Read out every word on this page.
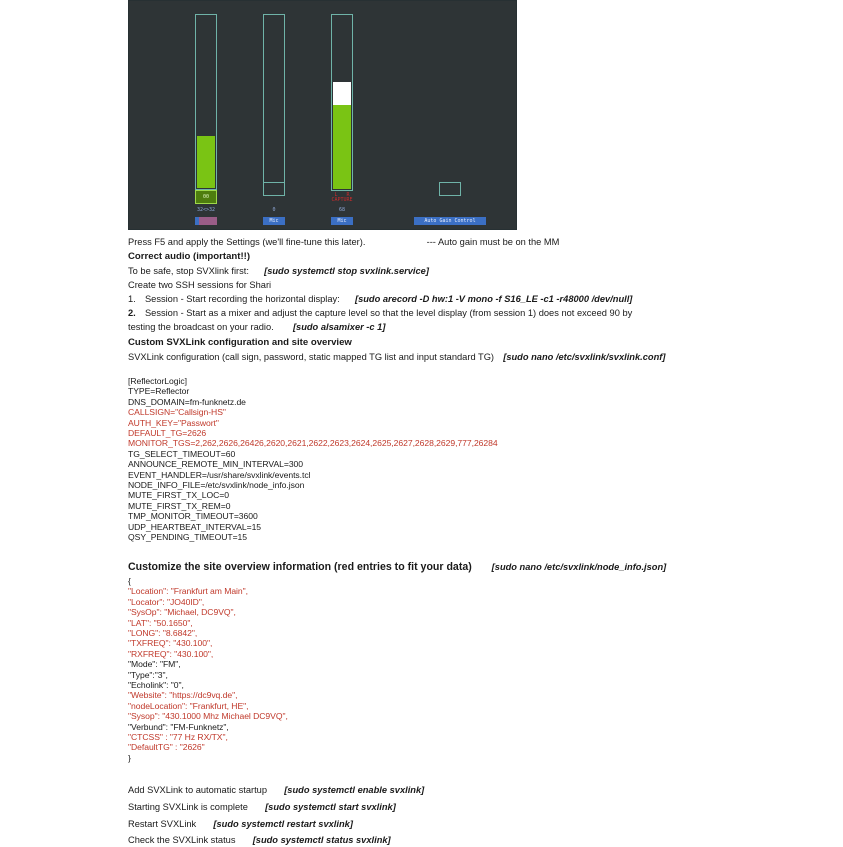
00
32<>32	0
Mic
L   R
CAPTURE
68
Mic	Auto Gain Control
Press F5 and apply the Settings (we'll fine-tune this later).	--- Auto gain must be on the MM
Correct audio (important!!)
To be safe, stop SVXlink first: [sudo systemctl stop svxlink.service]
Create two SSH sessions for Shari
1. Session - Start recording the horizontal display: [sudo arecord -D hw:1 -V mono -f S16_LE -c1 -r48000 /dev/null]
2. Session - Start as a mixer and adjust the capture level so that the level display (from session 1) does not exceed 90 by
testing the broadcast on your radio. [sudo alsamixer -c 1]
Custom SVXLink configuration and site overview
SVXLink configuration (call sign, password, static mapped TG list and input standard TG) [sudo nano /etc/svxlink/svxlink.conf]
[ReflectorLogic]
TYPE=Reflector
DNS_DOMAIN=fm-funknetz.de
CALLSIGN="Callsign-HS"
AUTH_KEY="Passwort"
DEFAULT_TG=2626
MONITOR_TGS=2,262,2626,26426,2620,2621,2622,2623,2624,2625,2627,2628,2629,777,26284
TG_SELECT_TIMEOUT=60
ANNOUNCE_REMOTE_MIN_INTERVAL=300
EVENT_HANDLER=/usr/share/svxlink/events.tcl
NODE_INFO_FILE=/etc/svxlink/node_info.json
MUTE_FIRST_TX_LOC=0
MUTE_FIRST_TX_REM=0
TMP_MONITOR_TIMEOUT=3600
UDP_HEARTBEAT_INTERVAL=15
QSY_PENDING_TIMEOUT=15
Customize the site overview information (red entries to fit your data) [sudo nano /etc/svxlink/node_info.json]
{
"Location": "Frankfurt am Main",
"Locator": "JO40ID",
"SysOp": "Michael, DC9VQ",
"LAT": "50.1650",
"LONG": "8.6842",
"TXFREQ": "430.100",
"RXFREQ": "430.100",
"Mode": "FM",
"Type":"3",
"Echolink": "0",
"Website": "https://dc9vq.de",
"nodeLocation": "Frankfurt, HE",
"Sysop": "430.1000 Mhz Michael DC9VQ",
"Verbund": "FM-Funknetz",
"CTCSS" : "77 Hz RX/TX",
"DefaultTG" : "2626"
}
Add SVXLink to automatic startup [sudo systemctl enable svxlink]
Starting SVXLink is complete [sudo systemctl start svxlink]
Restart SVXLink [sudo systemctl restart svxlink]
Check the SVXLink status [sudo systemctl status svxlink]
